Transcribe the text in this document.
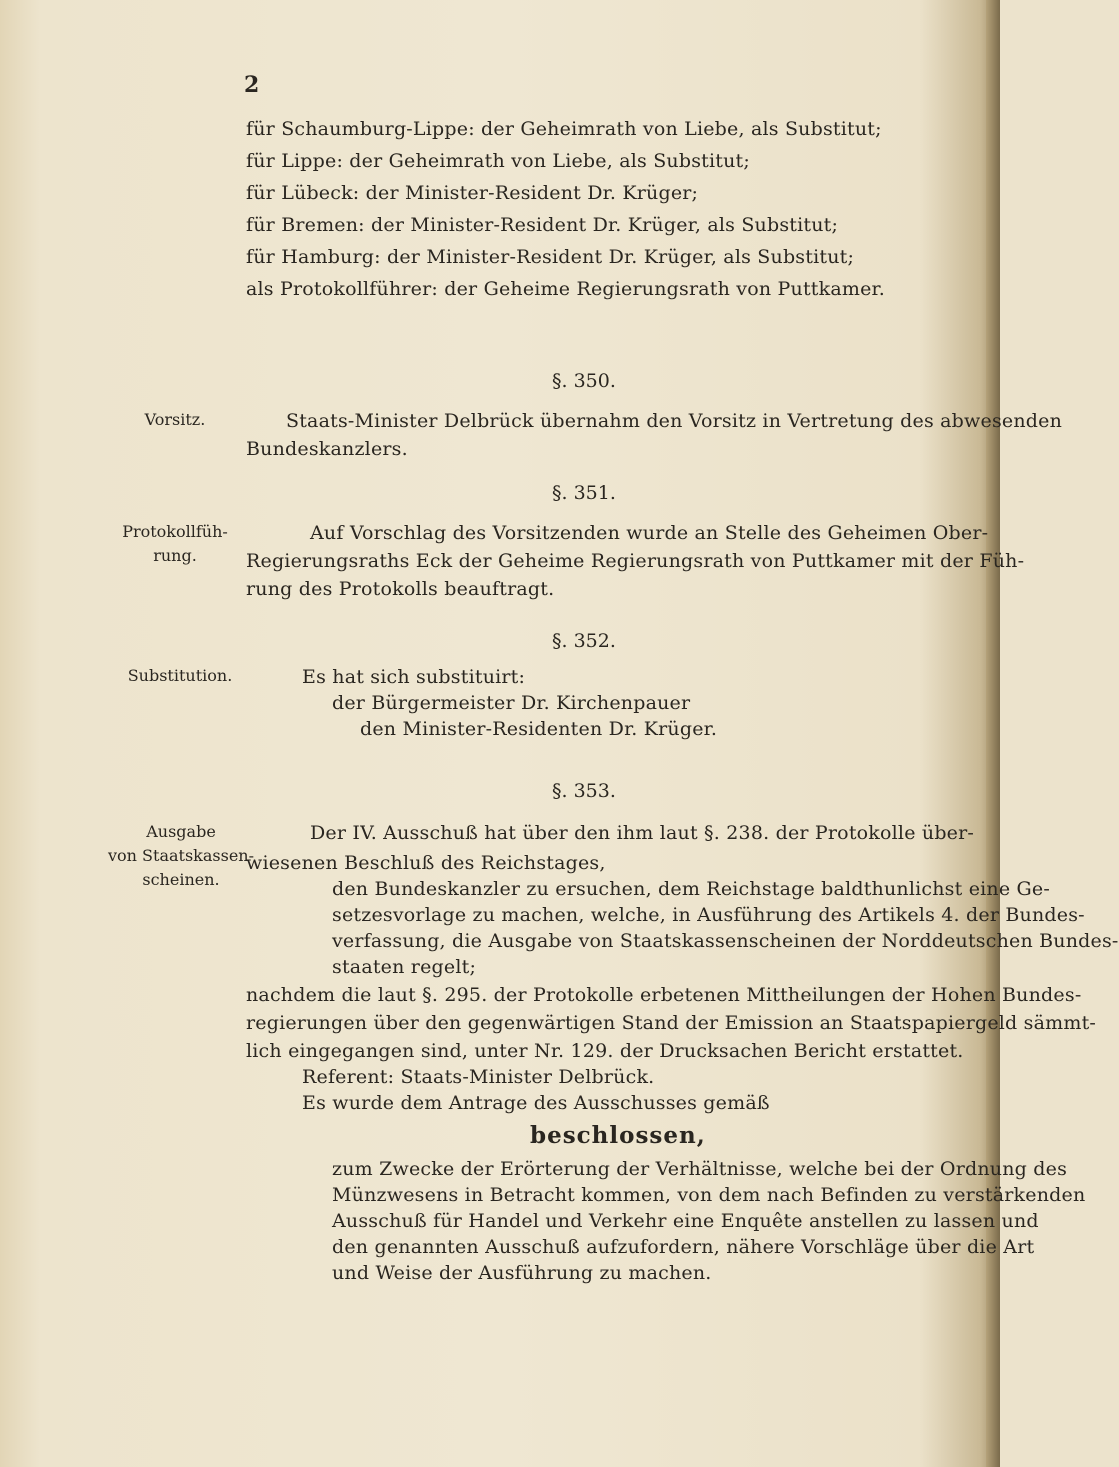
2
für Schaumburg-Lippe: der Geheimrath von Liebe, als Substitut;
für Lippe: der Geheimrath von Liebe, als Substitut;
für Lübeck: der Minister-Resident Dr. Krüger;
für Bremen: der Minister-Resident Dr. Krüger, als Substitut;
für Hamburg: der Minister-Resident Dr. Krüger, als Substitut;
als Protokollführer: der Geheime Regierungsrath von Puttkamer.
§. 350.
Vorsitz.	Staats-Minister Delbrück übernahm den Vorsitz in Vertretung des abwesenden
Bundeskanzlers.
§. 351.
Protokollfüh-
rung.
Auf Vorschlag des Vorsitzenden wurde an Stelle des Geheimen Ober-
Regierungsraths Eck der Geheime Regierungsrath von Puttkamer mit der Füh-
rung des Protokolls beauftragt.
§. 352.
Substitution.	Es hat sich substituirt:
der Bürgermeister Dr. Kirchenpauer
den Minister-Residenten Dr. Krüger.
§. 353.
Ausgabe
von Staatskassen-
scheinen.
Der IV. Ausschuß hat über den ihm laut §. 238. der Protokolle über-
wiesenen Beschluß des Reichstages,
den Bundeskanzler zu ersuchen, dem Reichstage baldthunlichst eine Ge-
setzesvorlage zu machen, welche, in Ausführung des Artikels 4. der Bundes-
verfassung, die Ausgabe von Staatskassenscheinen der Norddeutschen Bundes-
staaten regelt;
nachdem die laut §. 295. der Protokolle erbetenen Mittheilungen der Hohen Bundes-
regierungen über den gegenwärtigen Stand der Emission an Staatspapiergeld sämmt-
lich eingegangen sind, unter Nr. 129. der Drucksachen Bericht erstattet.
Referent: Staats-Minister Delbrück.
Es wurde dem Antrage des Ausschusses gemäß
beschlossen,
zum Zwecke der Erörterung der Verhältnisse, welche bei der Ordnung des
Münzwesens in Betracht kommen, von dem nach Befinden zu verstärkenden
Ausschuß für Handel und Verkehr eine Enquête anstellen zu lassen und
den genannten Ausschuß aufzufordern, nähere Vorschläge über die Art
und Weise der Ausführung zu machen.
